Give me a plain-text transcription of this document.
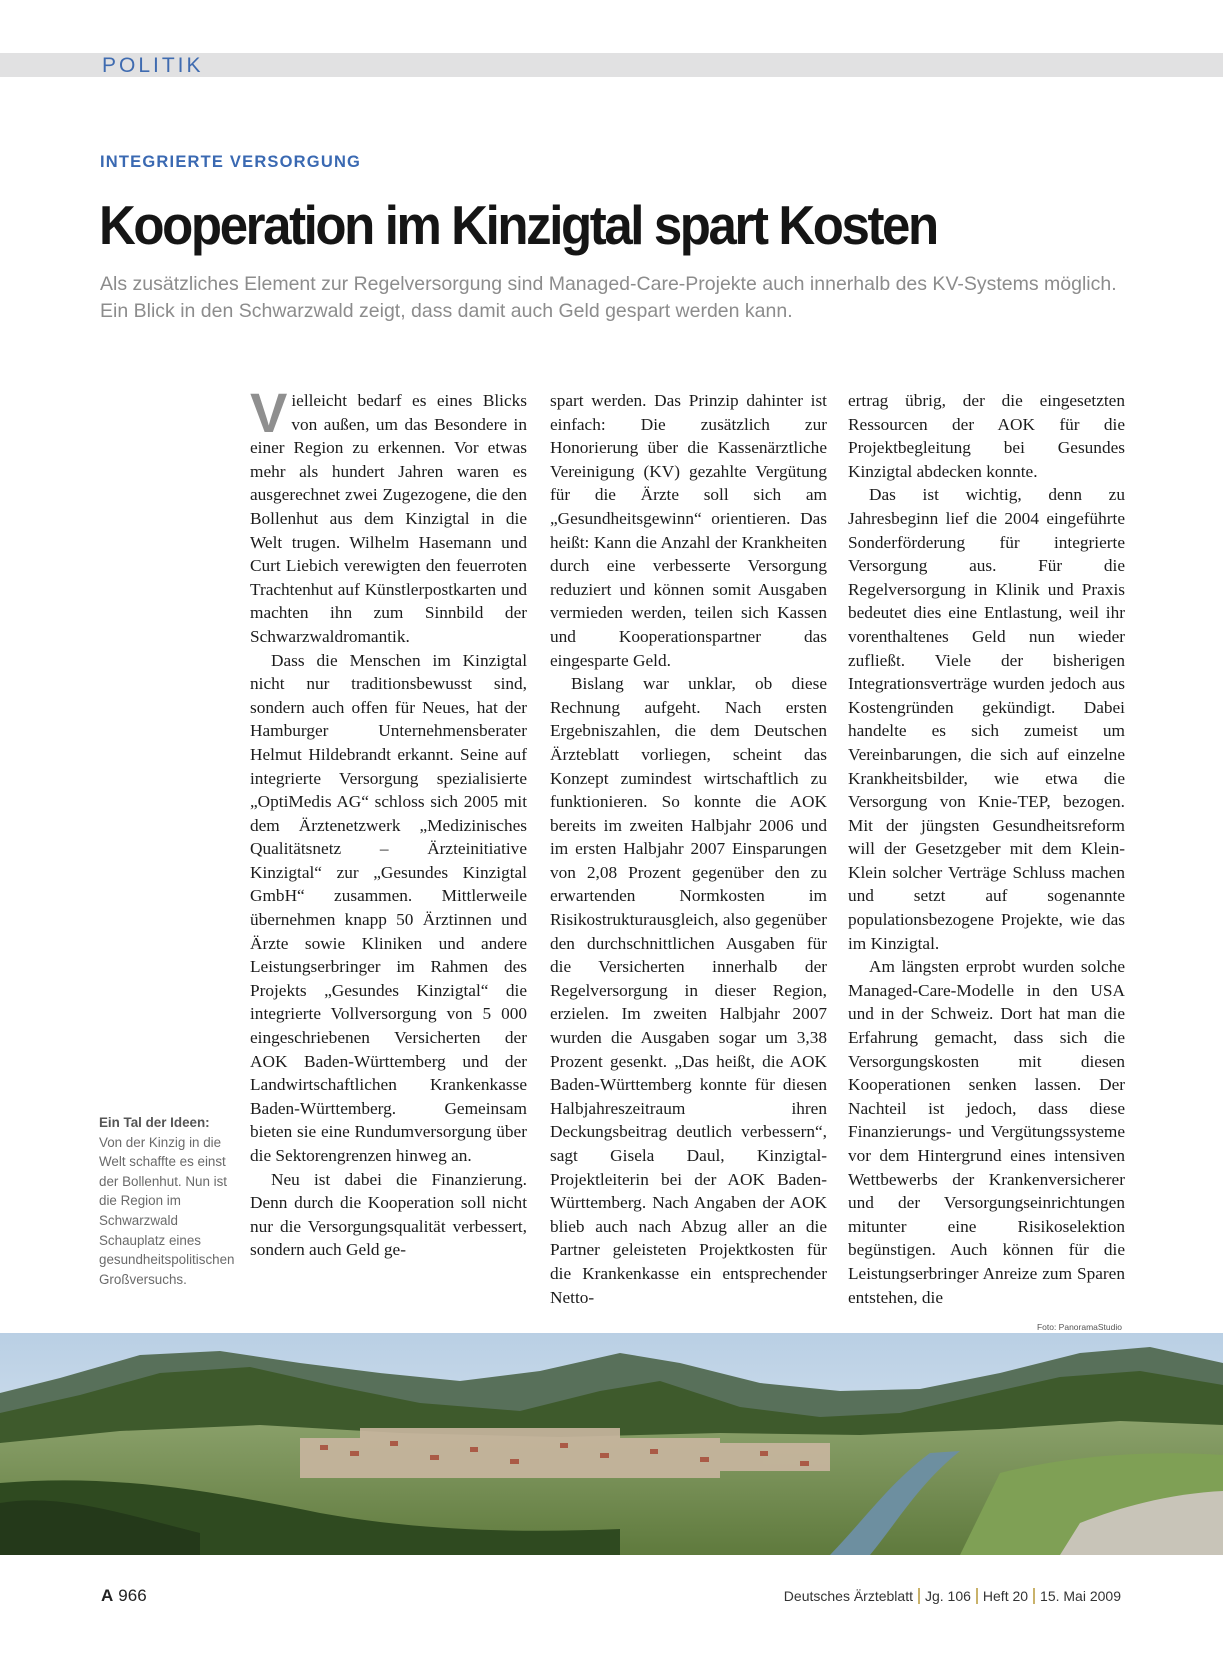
POLITIK
INTEGRIERTE VERSORGUNG
Kooperation im Kinzigtal spart Kosten

Als zusätzliches Element zur Regelversorgung sind Managed-Care-Projekte auch innerhalb des KV-Systems möglich. Ein Blick in den Schwarzwald zeigt, dass damit auch Geld gespart werden kann.

Vielleicht bedarf es eines Blicks von außen, um das Besondere in einer Region zu erkennen. Vor etwas mehr als hundert Jahren waren es ausgerechnet zwei Zugezogene, die den Bollenhut aus dem Kinzigtal in die Welt trugen. Wilhelm Hasemann und Curt Liebich verewigten den feuerroten Trachtenhut auf Künstlerpostkarten und machten ihn zum Sinnbild der Schwarzwaldromantik.

Dass die Menschen im Kinzigtal nicht nur traditionsbewusst sind, sondern auch offen für Neues, hat der Hamburger Unternehmensberater Helmut Hildebrandt erkannt. Seine auf integrierte Versorgung spezialisierte „OptiMedis AG“ schloss sich 2005 mit dem Ärztenetzwerk „Medizinisches Qualitätsnetz – Ärzteinitiative Kinzigtal“ zur „Gesundes Kinzigtal GmbH“ zusammen. Mittlerweile übernehmen knapp 50 Ärztinnen und Ärzte sowie Kliniken und andere Leistungserbringer im Rahmen des Projekts „Gesundes Kinzigtal“ die integrierte Vollversorgung von 5 000 eingeschriebenen Versicherten der AOK Baden-Württemberg und der Landwirtschaftlichen Krankenkasse Baden-Württemberg. Gemeinsam bieten sie eine Rundumversorgung über die Sektorengrenzen hinweg an.

Neu ist dabei die Finanzierung. Denn durch die Kooperation soll nicht nur die Versorgungsqualität verbessert, sondern auch Geld ge-

spart werden. Das Prinzip dahinter ist einfach: Die zusätzlich zur Honorierung über die Kassenärztliche Vereinigung (KV) gezahlte Vergütung für die Ärzte soll sich am „Gesundheitsgewinn“ orientieren. Das heißt: Kann die Anzahl der Krankheiten durch eine verbesserte Versorgung reduziert und können somit Ausgaben vermieden werden, teilen sich Kassen und Kooperationspartner das eingesparte Geld.

Bislang war unklar, ob diese Rechnung aufgeht. Nach ersten Ergebniszahlen, die dem Deutschen Ärzteblatt vorliegen, scheint das Konzept zumindest wirtschaftlich zu funktionieren. So konnte die AOK bereits im zweiten Halbjahr 2006 und im ersten Halbjahr 2007 Einsparungen von 2,08 Prozent gegenüber den zu erwartenden Normkosten im Risikostrukturausgleich, also gegenüber den durchschnittlichen Ausgaben für die Versicherten innerhalb der Regelversorgung in dieser Region, erzielen. Im zweiten Halbjahr 2007 wurden die Ausgaben sogar um 3,38 Prozent gesenkt. „Das heißt, die AOK Baden-Württemberg konnte für diesen Halbjahreszeitraum ihren Deckungsbeitrag deutlich verbessern“, sagt Gisela Daul, Kinzigtal-Projektleiterin bei der AOK Baden-Württemberg. Nach Angaben der AOK blieb auch nach Abzug aller an die Partner geleisteten Projektkosten für die Krankenkasse ein entsprechender Netto-

ertrag übrig, der die eingesetzten Ressourcen der AOK für die Projektbegleitung bei Gesundes Kinzigtal abdecken konnte.

Das ist wichtig, denn zu Jahresbeginn lief die 2004 eingeführte Sonderförderung für integrierte Versorgung aus. Für die Regelversorgung in Klinik und Praxis bedeutet dies eine Entlastung, weil ihr vorenthaltenes Geld nun wieder zufließt. Viele der bisherigen Integrationsverträge wurden jedoch aus Kostengründen gekündigt. Dabei handelte es sich zumeist um Vereinbarungen, die sich auf einzelne Krankheitsbilder, wie etwa die Versorgung von Knie-TEP, bezogen. Mit der jüngsten Gesundheitsreform will der Gesetzgeber mit dem Klein-Klein solcher Verträge Schluss machen und setzt auf sogenannte populationsbezogene Projekte, wie das im Kinzigtal.

Am längsten erprobt wurden solche Managed-Care-Modelle in den USA und in der Schweiz. Dort hat man die Erfahrung gemacht, dass sich die Versorgungskosten mit diesen Kooperationen senken lassen. Der Nachteil ist jedoch, dass diese Finanzierungs- und Vergütungssysteme vor dem Hintergrund eines intensiven Wettbewerbs der Krankenversicherer und der Versorgungseinrichtungen mitunter eine Risikoselektion begünstigen. Auch können für die Leistungserbringer Anreize zum Sparen entstehen, die

Ein Tal der Ideen:
Von der Kinzig in die Welt schaffte es einst der Bollenhut. Nun ist die Region im Schwarzwald Schauplatz eines gesundheitspolitischen Großversuchs.
Foto: PanoramaStudio
A 966	Deutsches Ärzteblatt Jg. 106 Heft 20 15. Mai 2009
